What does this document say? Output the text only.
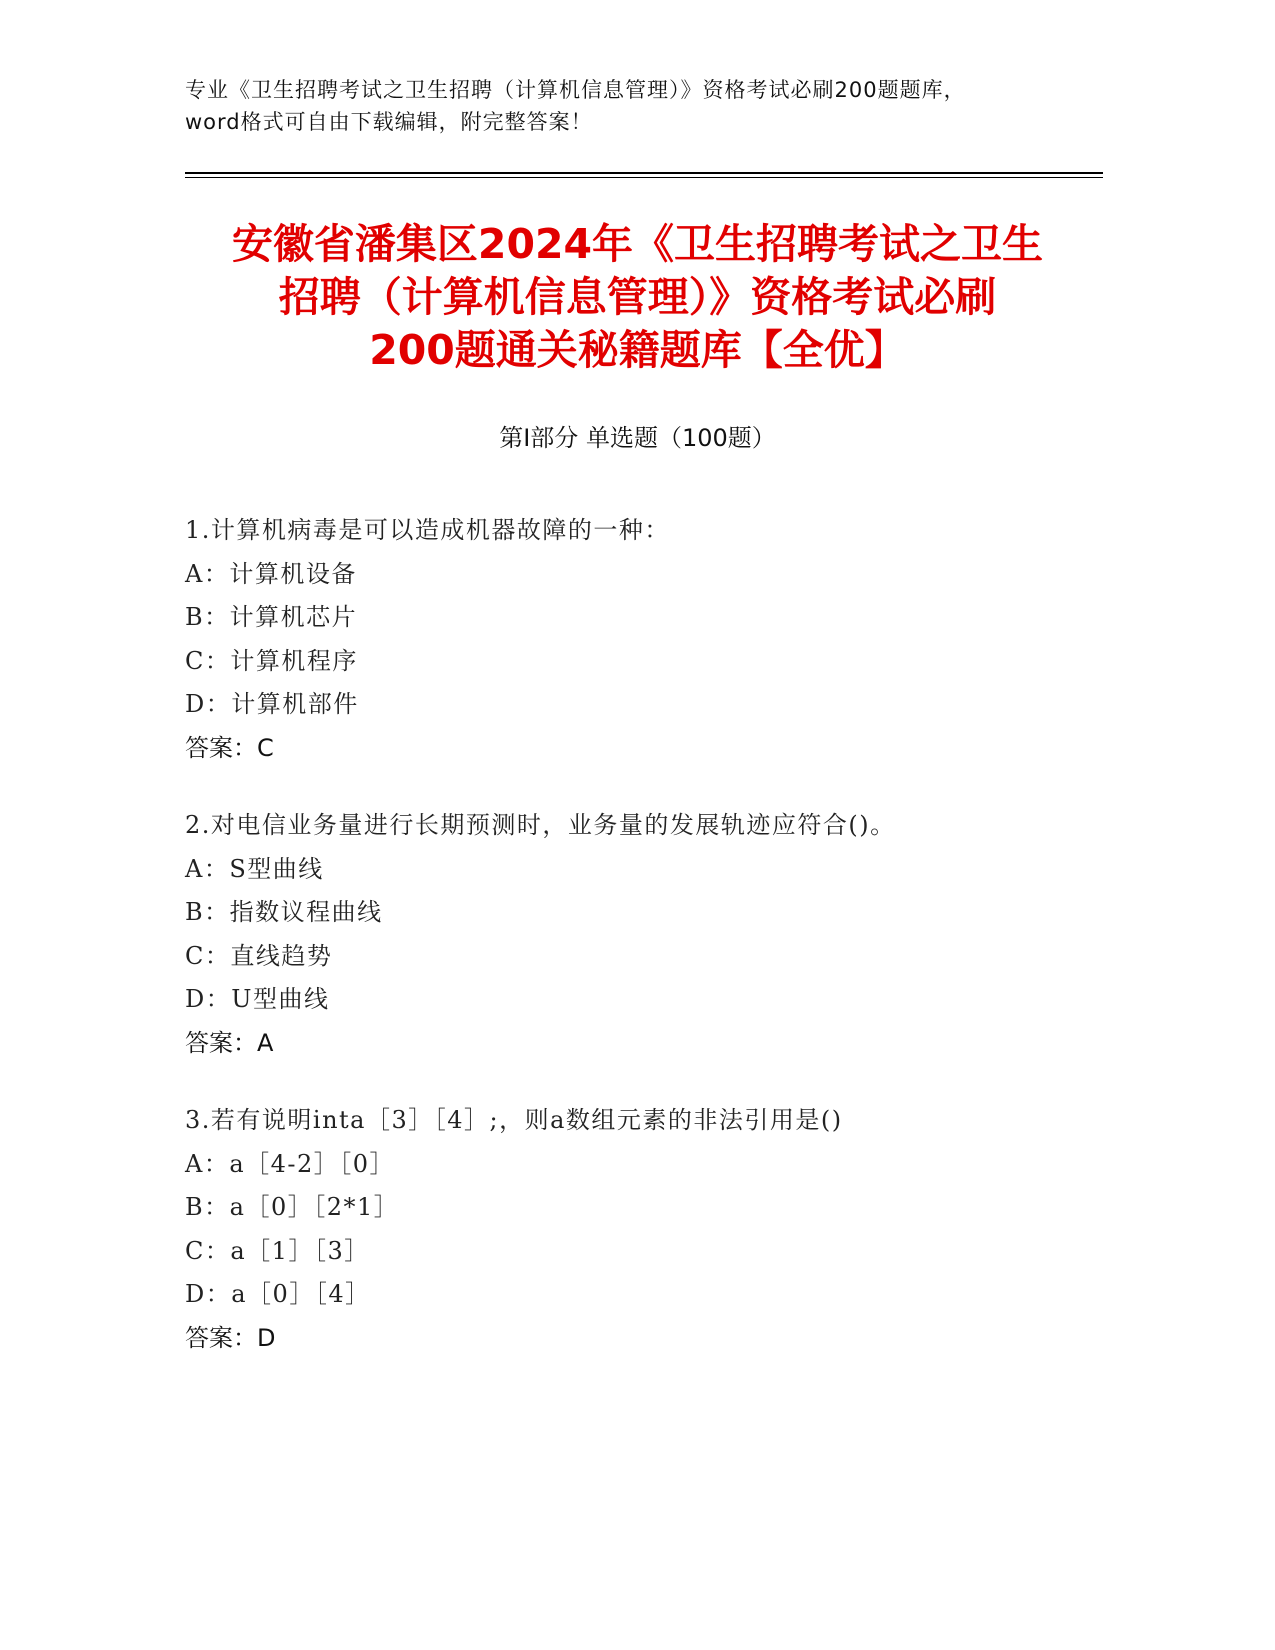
专业《卫生招聘考试之卫生招聘（计算机信息管理）》资格考试必刷200题题库，
word格式可自由下载编辑，附完整答案！
安徽省潘集区2024年《卫生招聘考试之卫生
招聘（计算机信息管理）》资格考试必刷
200题通关秘籍题库【全优】
第Ⅰ部分 单选题（100题）
1.计算机病毒是可以造成机器故障的一种：
A：计算机设备
B：计算机芯片
C：计算机程序
D：计算机部件
答案：C
2.对电信业务量进行长期预测时，业务量的发展轨迹应符合()。
A：S型曲线
B：指数议程曲线
C：直线趋势
D：U型曲线
答案：A
3.若有说明inta［3］［4］;，则a数组元素的非法引用是()
A：a［4-2］［0］
B：a［0］［2*1］
C：a［1］［3］
D：a［0］［4］
答案：D
